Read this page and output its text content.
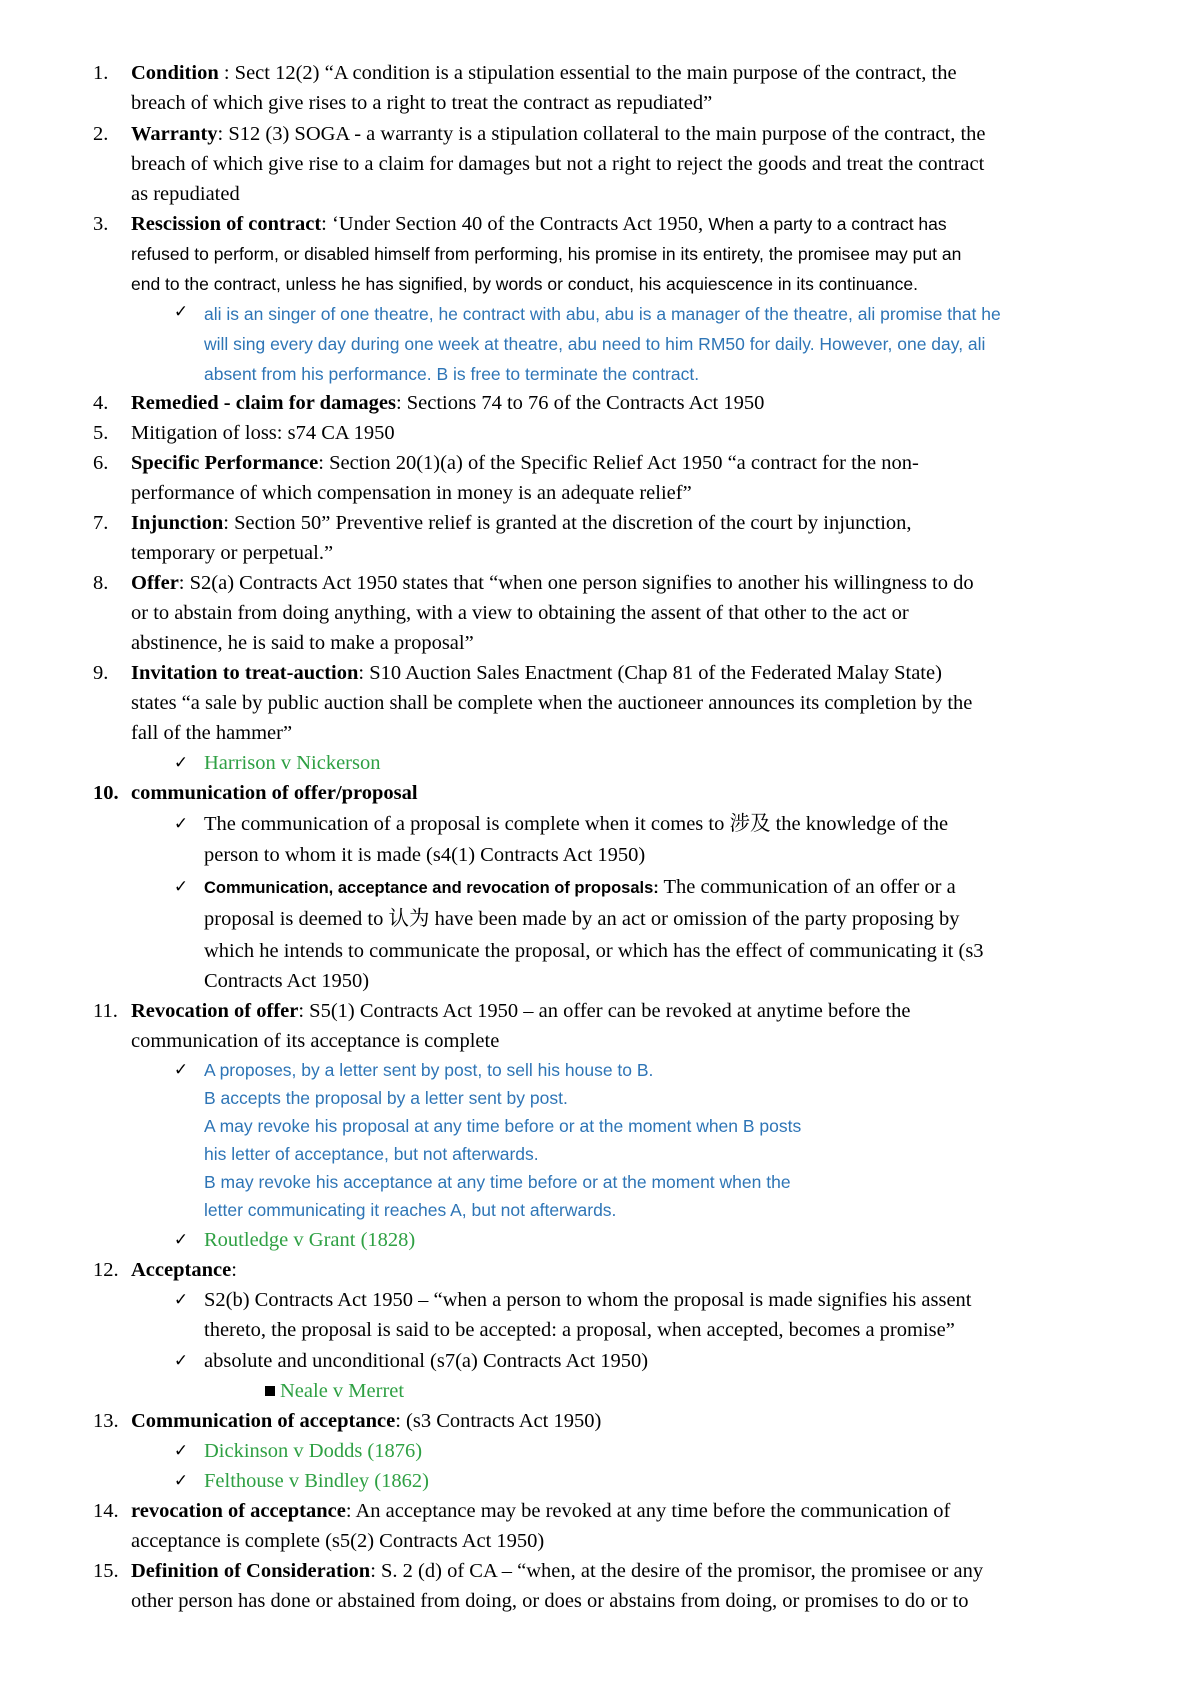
1. Condition : Sect 12(2) “A condition is a stipulation essential to the main purpose of the contract, the
breach of which give rises to a right to treat the contract as repudiated”
2. Warranty: S12 (3) SOGA - a warranty is a stipulation collateral to the main purpose of the contract, the
breach of which give rise to a claim for damages but not a right to reject the goods and treat the contract
as repudiated
3. Rescission of contract: ‘Under Section 40 of the Contracts Act 1950, When a party to a contract has
refused to perform, or disabled himself from performing, his promise in its entirety, the promisee may put an
end to the contract, unless he has signified, by words or conduct, his acquiescence in its continuance.
✓ ali is an singer of one theatre, he contract with abu, abu is a manager of the theatre, ali promise that he
will sing every day during one week at theatre, abu need to him RM50 for daily. However, one day, ali
absent from his performance. B is free to terminate the contract.
4. Remedied - claim for damages: Sections 74 to 76 of the Contracts Act 1950
5. Mitigation of loss: s74 CA 1950
6. Specific Performance: Section 20(1)(a) of the Specific Relief Act 1950 “a contract for the non-
performance of which compensation in money is an adequate relief”
7. Injunction: Section 50” Preventive relief is granted at the discretion of the court by injunction,
temporary or perpetual.”
8. Offer: S2(a) Contracts Act 1950 states that “when one person signifies to another his willingness to do
or to abstain from doing anything, with a view to obtaining the assent of that other to the act or
abstinence, he is said to make a proposal”
9. Invitation to treat-auction: S10 Auction Sales Enactment (Chap 81 of the Federated Malay State)
states “a sale by public auction shall be complete when the auctioneer announces its completion by the
fall of the hammer”
✓ Harrison v Nickerson
10. communication of offer/proposal
✓ The communication of a proposal is complete when it comes to 涉及 the knowledge of the
person to whom it is made (s4(1) Contracts Act 1950)
✓ Communication, acceptance and revocation of proposals: The communication of an offer or a
proposal is deemed to 认为 have been made by an act or omission of the party proposing by
which he intends to communicate the proposal, or which has the effect of communicating it (s3
Contracts Act 1950)
11. Revocation of offer: S5(1) Contracts Act 1950 – an offer can be revoked at anytime before the
communication of its acceptance is complete
✓ A proposes, by a letter sent by post, to sell his house to B.
B accepts the proposal by a letter sent by post.
A may revoke his proposal at any time before or at the moment when B posts
his letter of acceptance, but not afterwards.
B may revoke his acceptance at any time before or at the moment when the
letter communicating it reaches A, but not afterwards.
✓ Routledge v Grant (1828)
12. Acceptance:
✓ S2(b) Contracts Act 1950 – “when a person to whom the proposal is made signifies his assent
thereto, the proposal is said to be accepted: a proposal, when accepted, becomes a promise”
✓ absolute and unconditional (s7(a) Contracts Act 1950)
Neale v Merret
13. Communication of acceptance: (s3 Contracts Act 1950)
✓ Dickinson v Dodds (1876)
✓ Felthouse v Bindley (1862)
14. revocation of acceptance: An acceptance may be revoked at any time before the communication of
acceptance is complete (s5(2) Contracts Act 1950)
15. Definition of Consideration: S. 2 (d) of CA – “when, at the desire of the promisor, the promisee or any
other person has done or abstained from doing, or does or abstains from doing, or promises to do or to
